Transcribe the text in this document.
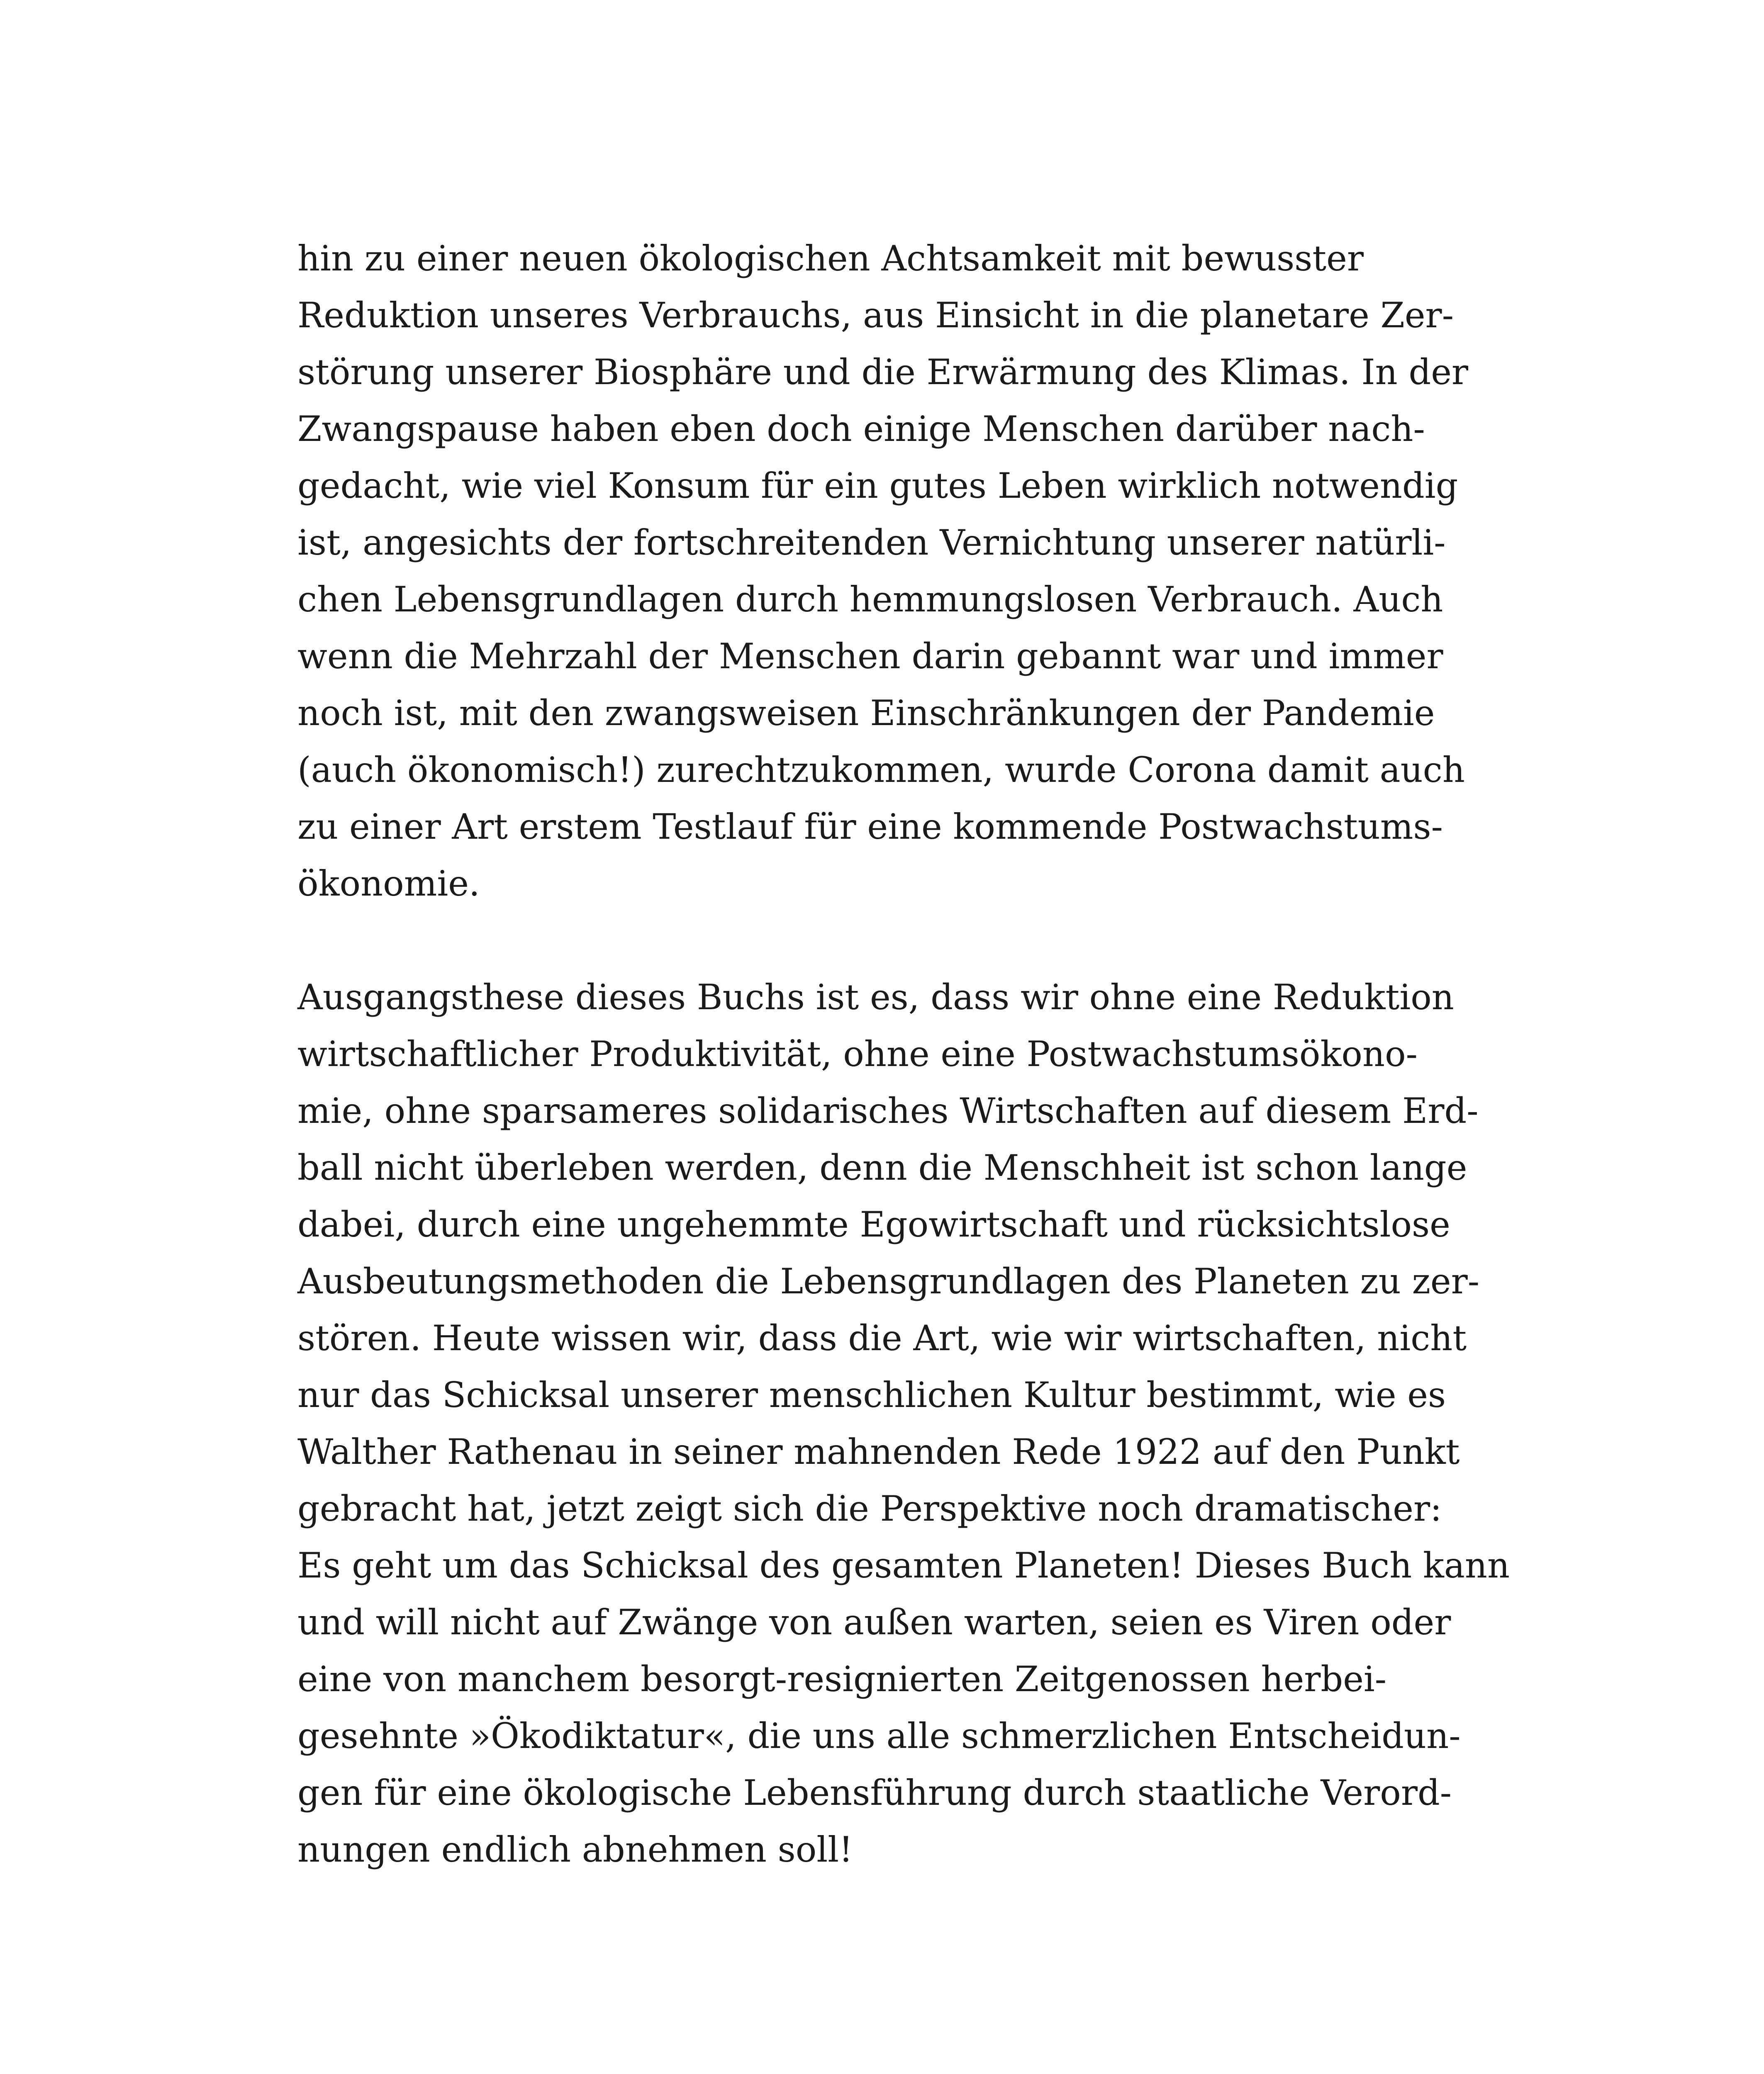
hin zu einer neuen ökologischen Achtsamkeit mit bewusster
Reduktion unseres Verbrauchs, aus Einsicht in die planetare Zer-
störung unserer Biosphäre und die Erwärmung des Klimas. In der
Zwangspause haben eben doch einige Menschen darüber nach-
gedacht, wie viel Konsum für ein gutes Leben wirklich notwendig
ist, angesichts der fortschreitenden Vernichtung unserer natürli-
chen Lebensgrundlagen durch hemmungslosen Verbrauch. Auch
wenn die Mehrzahl der Menschen darin gebannt war und immer
noch ist, mit den zwangsweisen Einschränkungen der Pandemie
(auch ökonomisch!) zurechtzukommen, wurde Corona damit auch
zu einer Art erstem Testlauf für eine kommende Postwachstums-
ökonomie.
Ausgangsthese dieses Buchs ist es, dass wir ohne eine Reduktion
wirtschaftlicher Produktivität, ohne eine Postwachstumsökono-
mie, ohne sparsameres solidarisches Wirtschaften auf diesem Erd-
ball nicht überleben werden, denn die Menschheit ist schon lange
dabei, durch eine ungehemmte Egowirtschaft und rücksichtslose
Ausbeutungsmethoden die Lebensgrundlagen des Planeten zu zer-
stören. Heute wissen wir, dass die Art, wie wir wirtschaften, nicht
nur das Schicksal unserer menschlichen Kultur bestimmt, wie es
Walther Rathenau in seiner mahnenden Rede 1922 auf den Punkt
gebracht hat, jetzt zeigt sich die Perspektive noch dramatischer:
Es geht um das Schicksal des gesamten Planeten! Dieses Buch kann
und will nicht auf Zwänge von außen warten, seien es Viren oder
eine von manchem besorgt-resignierten Zeitgenossen herbei-
gesehnte »Ökodiktatur«, die uns alle schmerzlichen Entscheidun-
gen für eine ökologische Lebensführung durch staatliche Verord-
nungen endlich abnehmen soll!
